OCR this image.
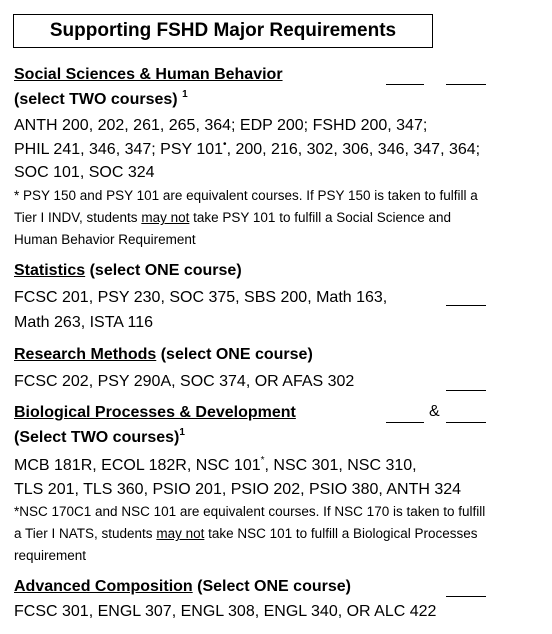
Supporting FSHD Major Requirements
Social Sciences & Human Behavior
(select TWO courses) $^1$
ANTH 200, 202, 261, 265, 364; EDP 200; FSHD 200, 347;
PHIL 241, 346, 347; PSY 101•, 200, 216, 302, 306, 346, 347, 364;
SOC 101, SOC 324
* PSY 150 and PSY 101 are equivalent courses. If PSY 150 is taken to fulfill a
Tier I INDV, students may not take PSY 101 to fulfill a Social Science and
Human Behavior Requirement
Statistics (select ONE course)
FCSC 201, PSY 230, SOC 375, SBS 200, Math 163,
Math 263, ISTA 116
Research Methods (select ONE course)
FCSC 202, PSY 290A, SOC 374, OR AFAS 302
Biological Processes & Development	&
(Select TWO courses)$^1$
MCB 181R, ECOL 182R, NSC 101*, NSC 301, NSC 310,
TLS 201, TLS 360, PSIO 201, PSIO 202, PSIO 380, ANTH 324
*NSC 170C1 and NSC 101 are equivalent courses. If NSC 170 is taken to fulfill
a Tier I NATS, students may not take NSC 101 to fulfill a Biological Processes
requirement
Advanced Composition (Select ONE course)
FCSC 301, ENGL 307, ENGL 308, ENGL 340, OR ALC 422
